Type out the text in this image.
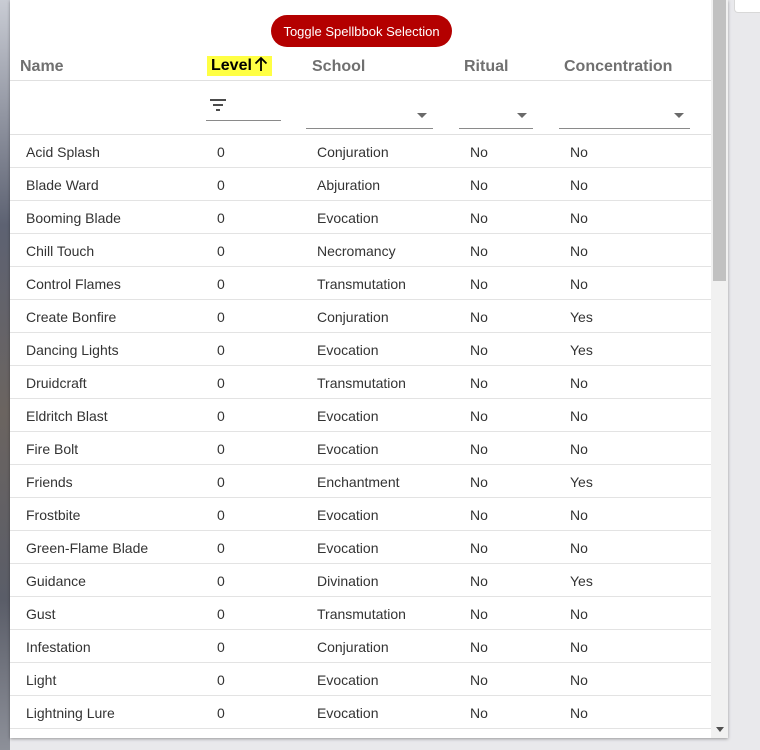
Toggle Spellbbok Selection
Name	Level	School	Ritual	Concentration
Acid Splash	0	Conjuration	No	No
Blade Ward	0	Abjuration	No	No
Booming Blade	0	Evocation	No	No
Chill Touch	0	Necromancy	No	No
Control Flames	0	Transmutation	No	No
Create Bonfire	0	Conjuration	No	Yes
Dancing Lights	0	Evocation	No	Yes
Druidcraft	0	Transmutation	No	No
Eldritch Blast	0	Evocation	No	No
Fire Bolt	0	Evocation	No	No
Friends	0	Enchantment	No	Yes
Frostbite	0	Evocation	No	No
Green-Flame Blade	0	Evocation	No	No
Guidance	0	Divination	No	Yes
Gust	0	Transmutation	No	No
Infestation	0	Conjuration	No	No
Light	0	Evocation	No	No
Lightning Lure	0	Evocation	No	No
